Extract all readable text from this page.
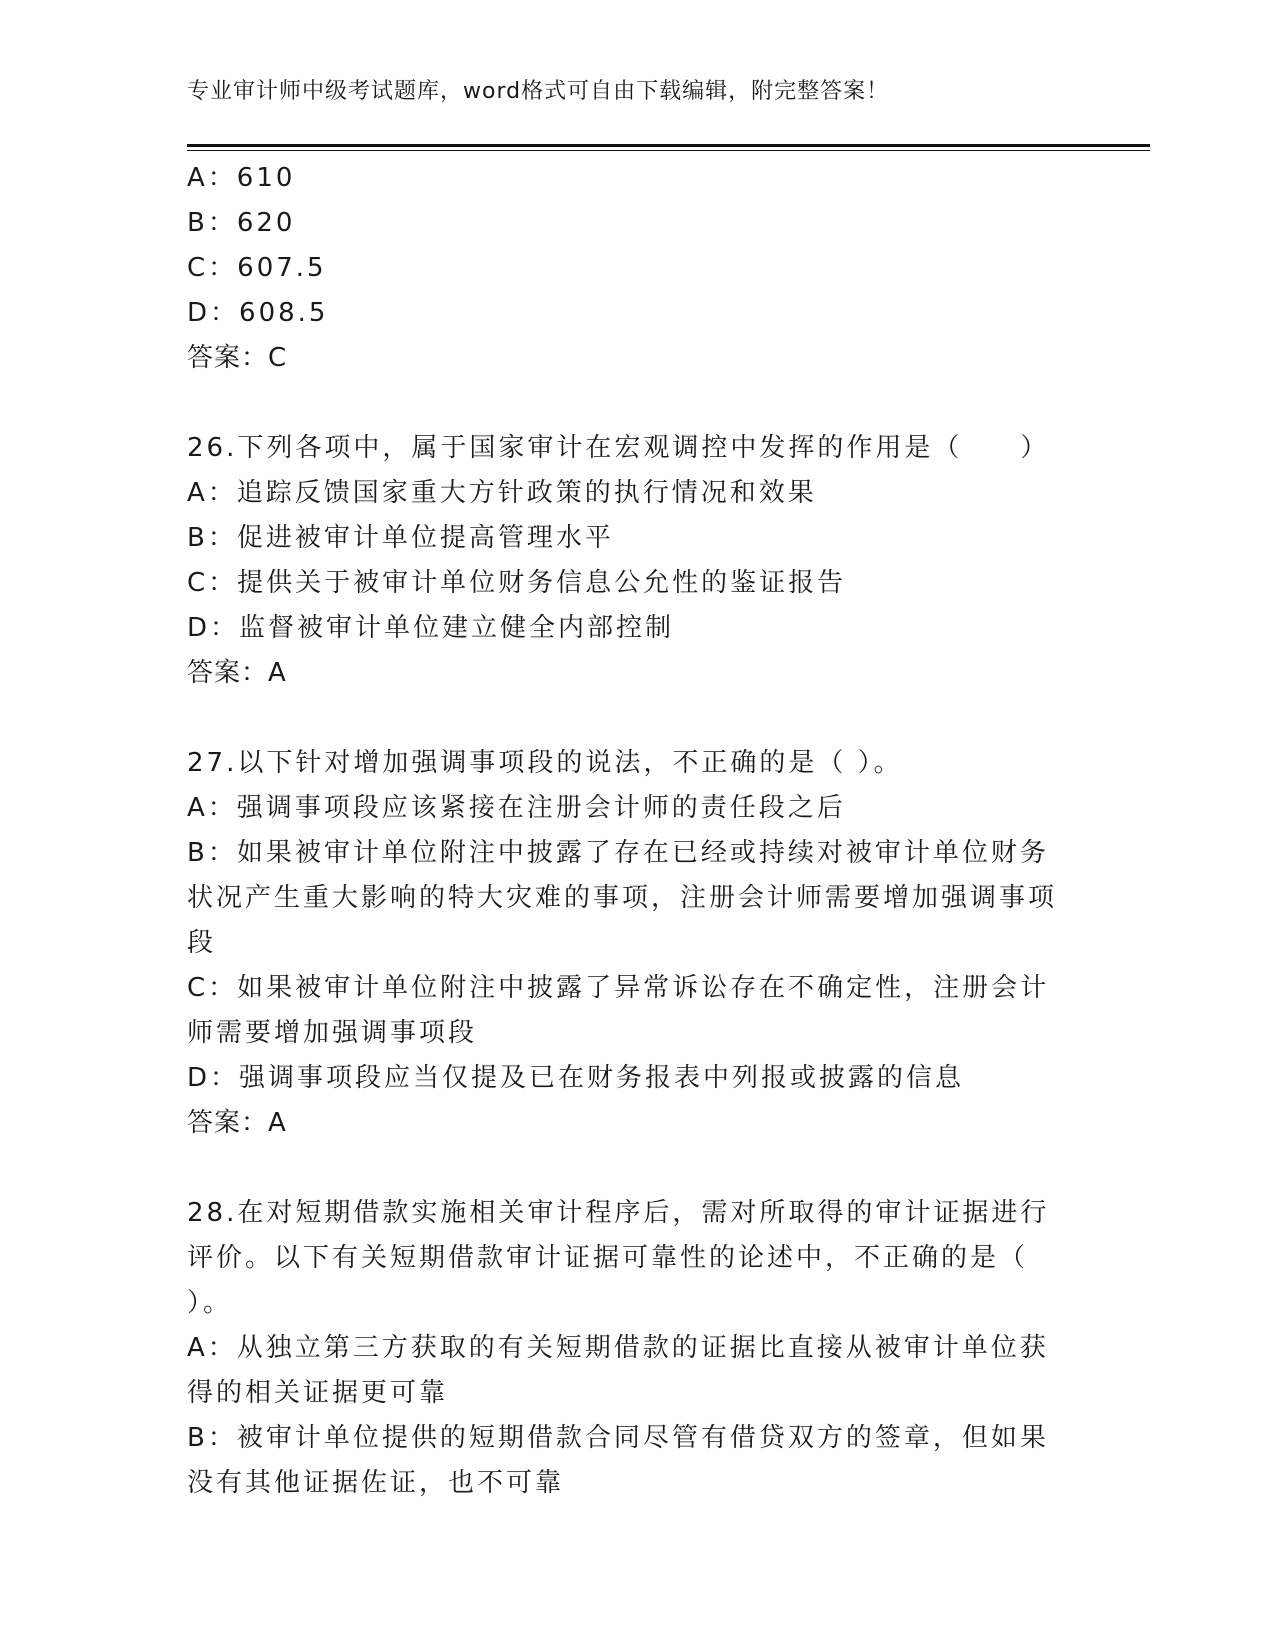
专业审计师中级考试题库，word格式可自由下载编辑，附完整答案！

A：610

B：620

C：607.5

D：608.5

答案：C

26.下列各项中，属于国家审计在宏观调控中发挥的作用是（　　）

A：追踪反馈国家重大方针政策的执行情况和效果

B：促进被审计单位提高管理水平

C：提供关于被审计单位财务信息公允性的鉴证报告

D：监督被审计单位建立健全内部控制

答案：A

27.以下针对增加强调事项段的说法，不正确的是（ ）。

A：强调事项段应该紧接在注册会计师的责任段之后

B：如果被审计单位附注中披露了存在已经或持续对被审计单位财务状况产生重大影响的特大灾难的事项，注册会计师需要增加强调事项段

C：如果被审计单位附注中披露了异常诉讼存在不确定性，注册会计师需要增加强调事项段

D：强调事项段应当仅提及已在财务报表中列报或披露的信息

答案：A

28.在对短期借款实施相关审计程序后，需对所取得的审计证据进行评价。以下有关短期借款审计证据可靠性的论述中，不正确的是（ ）。

A：从独立第三方获取的有关短期借款的证据比直接从被审计单位获得的相关证据更可靠

B：被审计单位提供的短期借款合同尽管有借贷双方的签章，但如果没有其他证据佐证，也不可靠
